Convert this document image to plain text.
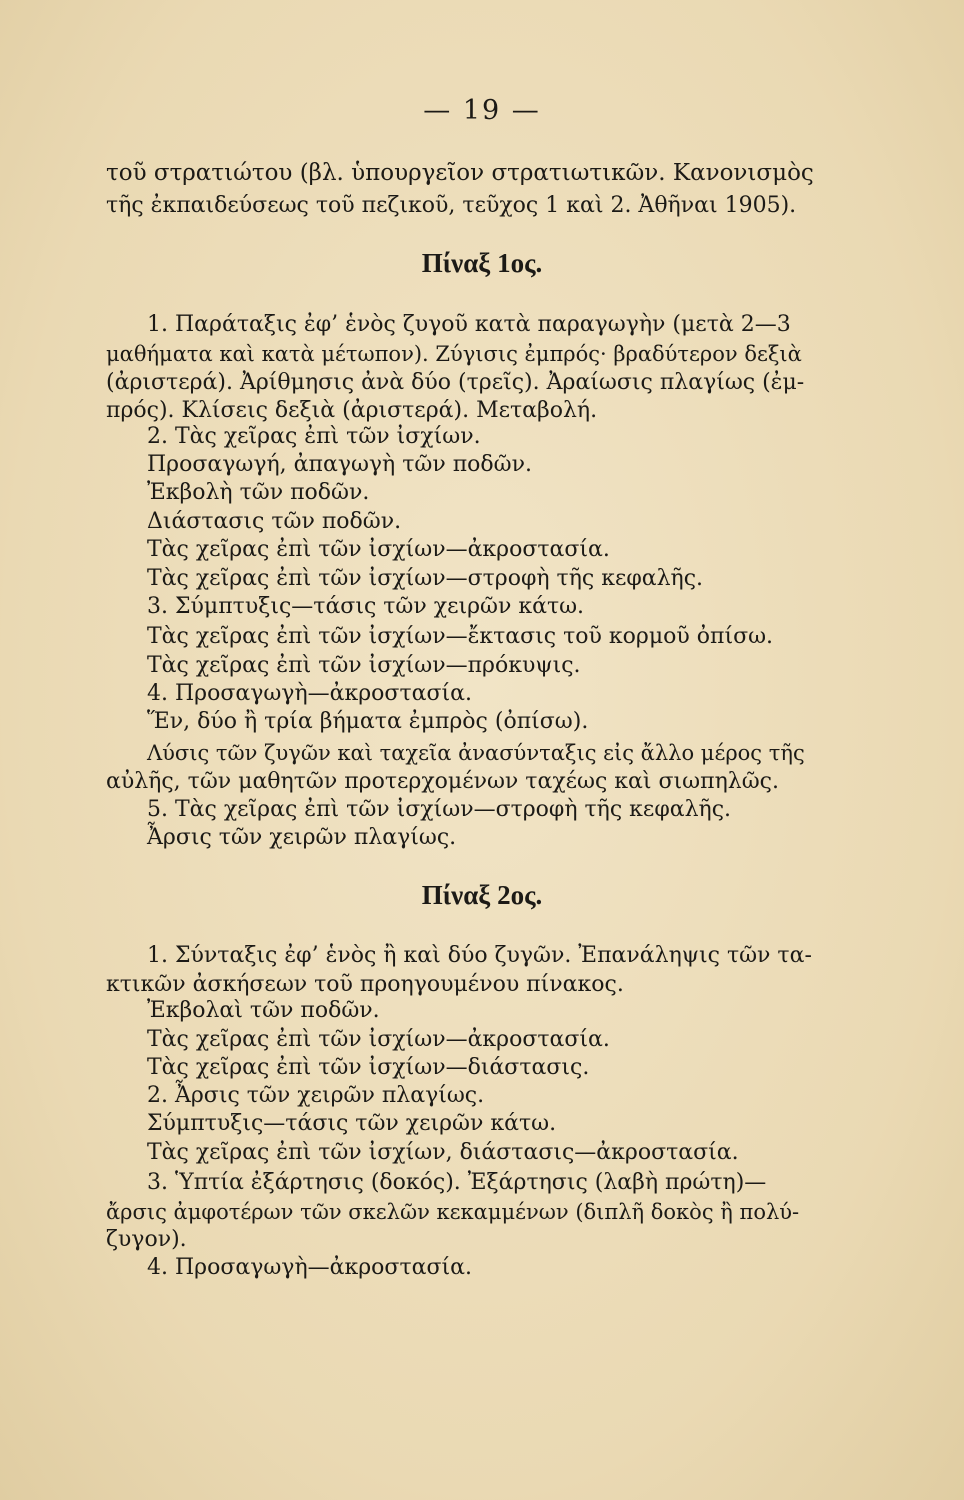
— 19 —
τοῦ στρατιώτου (βλ. ὑπουργεῖον στρατιωτικῶν. Κανονισμὸς
τῆς ἐκπαιδεύσεως τοῦ πεζικοῦ, τεῦχος 1 καὶ 2. Ἀθῆναι 1905).
Πίναξ 1ος.
1. Παράταξις ἐφ’ ἑνὸς ζυγοῦ κατὰ παραγωγὴν (μετὰ 2—3
μαθήματα καὶ κατὰ μέτωπον). Ζύγισις ἐμπρός· βραδύτερον δεξιὰ
(ἀριστερά). Ἀρίθμησις ἀνὰ δύο (τρεῖς). Ἀραίωσις πλαγίως (ἐμ-
πρός). Κλίσεις δεξιὰ (ἀριστερά). Μεταβολή.
2. Τὰς χεῖρας ἐπὶ τῶν ἰσχίων.
Προσαγωγή, ἀπαγωγὴ τῶν ποδῶν.
Ἐκβολὴ τῶν ποδῶν.
Διάστασις τῶν ποδῶν.
Τὰς χεῖρας ἐπὶ τῶν ἰσχίων—ἀκροστασία.
Τὰς χεῖρας ἐπὶ τῶν ἰσχίων—στροφὴ τῆς κεφαλῆς.
3. Σύμπτυξις—τάσις τῶν χειρῶν κάτω.
Τὰς χεῖρας ἐπὶ τῶν ἰσχίων—ἔκτασις τοῦ κορμοῦ ὀπίσω.
Τὰς χεῖρας ἐπὶ τῶν ἰσχίων—πρόκυψις.
4. Προσαγωγὴ—ἀκροστασία.
Ἕν, δύο ἢ τρία βήματα ἐμπρὸς (ὀπίσω).
Λύσις τῶν ζυγῶν καὶ ταχεῖα ἀνασύνταξις εἰς ἄλλο μέρος τῆς
αὐλῆς, τῶν μαθητῶν προτερχομένων ταχέως καὶ σιωπηλῶς.
5. Τὰς χεῖρας ἐπὶ τῶν ἰσχίων—στροφὴ τῆς κεφαλῆς.
Ἆρσις τῶν χειρῶν πλαγίως.
Πίναξ 2ος.
1. Σύνταξις ἐφ’ ἑνὸς ἢ καὶ δύο ζυγῶν. Ἐπανάληψις τῶν τα-
κτικῶν ἀσκήσεων τοῦ προηγουμένου πίνακος.
Ἐκβολαὶ τῶν ποδῶν.
Τὰς χεῖρας ἐπὶ τῶν ἰσχίων—ἀκροστασία.
Τὰς χεῖρας ἐπὶ τῶν ἰσχίων—διάστασις.
2. Ἆρσις τῶν χειρῶν πλαγίως.
Σύμπτυξις—τάσις τῶν χειρῶν κάτω.
Τὰς χεῖρας ἐπὶ τῶν ἰσχίων, διάστασις—ἀκροστασία.
3. Ὑπτία ἐξάρτησις (δοκός). Ἐξάρτησις (λαβὴ πρώτη)—
ἄρσις ἀμφοτέρων τῶν σκελῶν κεκαμμένων (διπλῆ δοκὸς ἢ πολύ-
ζυγον).
4. Προσαγωγὴ—ἀκροστασία.
